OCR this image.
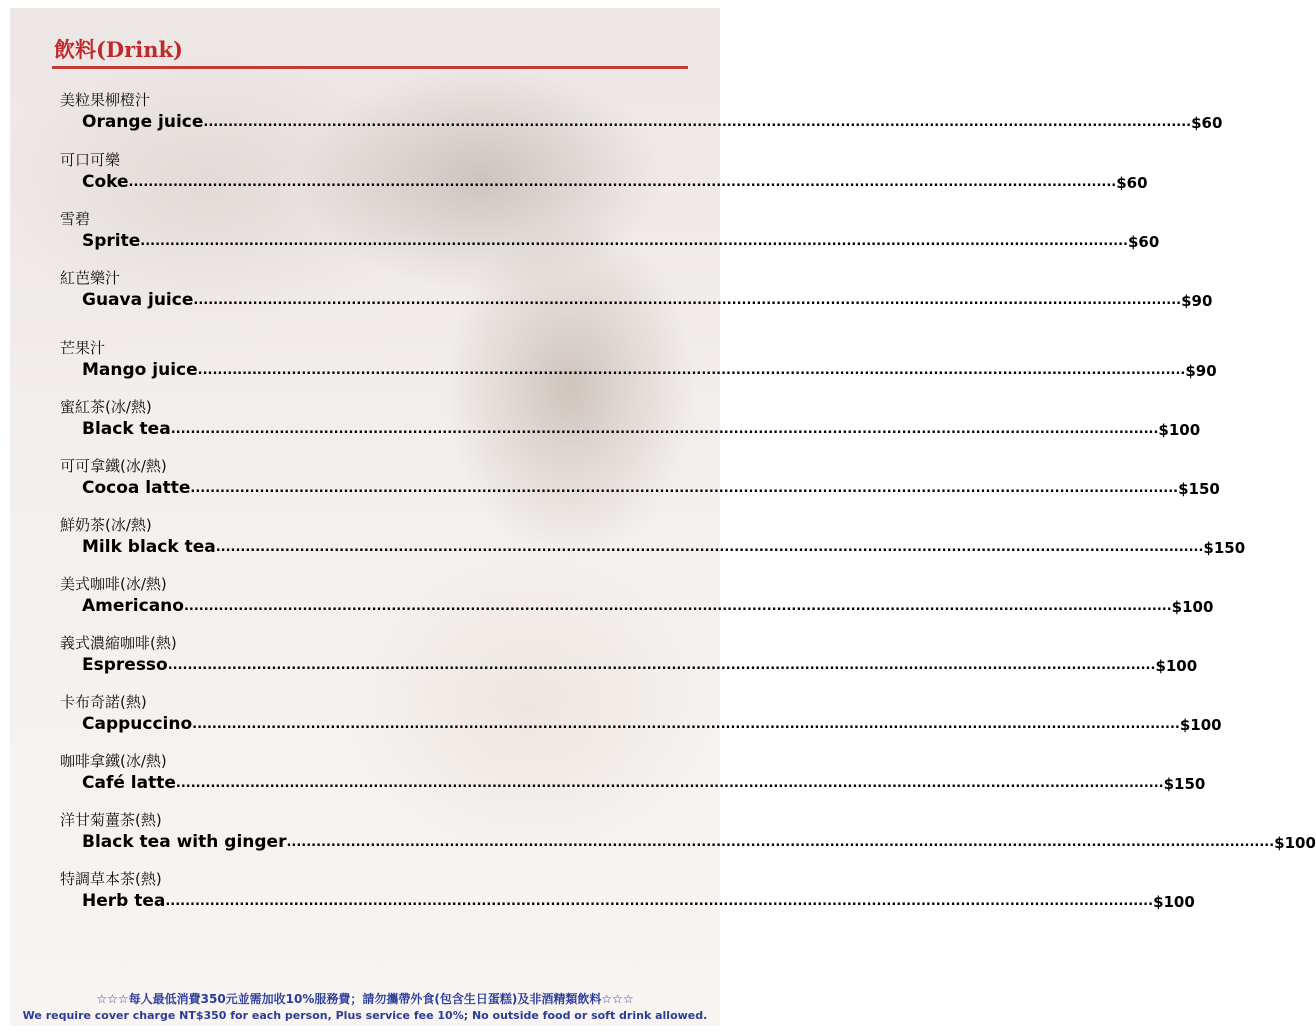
飲料(Drink)
美粒果柳橙汁
Orange juice ........................................................................................................................................................................................................ $60
可口可樂
Coke ........................................................................................................................................................................................................ $60
雪碧
Sprite ........................................................................................................................................................................................................ $60
紅芭樂汁
Guava juice ........................................................................................................................................................................................................ $90
芒果汁
Mango juice ........................................................................................................................................................................................................ $90
蜜紅茶(冰/熱)
Black tea ........................................................................................................................................................................................................ $100
可可拿鐵(冰/熱)
Cocoa latte ........................................................................................................................................................................................................ $150
鮮奶茶(冰/熱)
Milk black tea ........................................................................................................................................................................................................ $150
美式咖啡(冰/熱)
Americano ........................................................................................................................................................................................................ $100
義式濃縮咖啡(熱)
Espresso ........................................................................................................................................................................................................ $100
卡布奇諾(熱)
Cappuccino ........................................................................................................................................................................................................ $100
咖啡拿鐵(冰/熱)
Café latte ........................................................................................................................................................................................................ $150
洋甘菊薑茶(熱)
Black tea with ginger ........................................................................................................................................................................................................ $100
特調草本茶(熱)
Herb tea ........................................................................................................................................................................................................ $100
☆☆☆每人最低消費350元並需加收10%服務費；請勿攜帶外食(包含生日蛋糕)及非酒精類飲料☆☆☆
We require cover charge NT$350 for each person, Plus service fee 10%; No outside food or soft drink allowed.
